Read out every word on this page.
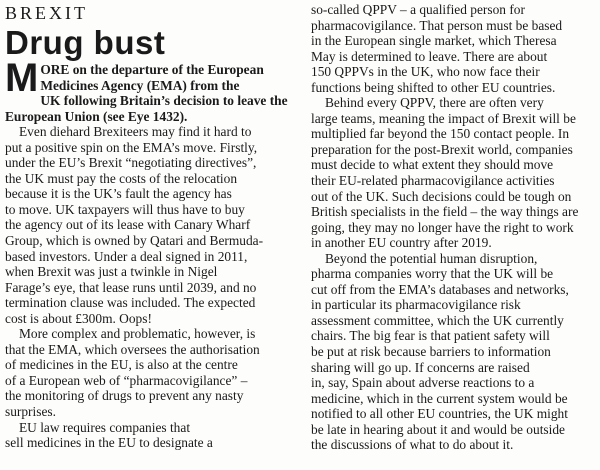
BREXIT
Drug bust
M ORE on the departure of the European
Medicines Agency (EMA) from the
UK following Britain’s decision to leave the
European Union (see Eye 1432).
Even diehard Brexiteers may find it hard to
put a positive spin on the EMA’s move. Firstly,
under the EU’s Brexit “negotiating directives”,
the UK must pay the costs of the relocation
because it is the UK’s fault the agency has
to move. UK taxpayers will thus have to buy
the agency out of its lease with Canary Wharf
Group, which is owned by Qatari and Bermuda-
based investors. Under a deal signed in 2011,
when Brexit was just a twinkle in Nigel
Farage’s eye, that lease runs until 2039, and no
termination clause was included. The expected
cost is about £300m. Oops!
More complex and problematic, however, is
that the EMA, which oversees the authorisation
of medicines in the EU, is also at the centre
of a European web of “pharmacovigilance” –
the monitoring of drugs to prevent any nasty
surprises.
EU law requires companies that
sell medicines in the EU to designate a
so-called QPPV – a qualified person for
pharmacovigilance. That person must be based
in the European single market, which Theresa
May is determined to leave. There are about
150 QPPVs in the UK, who now face their
functions being shifted to other EU countries.
Behind every QPPV, there are often very
large teams, meaning the impact of Brexit will be
multiplied far beyond the 150 contact people. In
preparation for the post-Brexit world, companies
must decide to what extent they should move
their EU-related pharmacovigilance activities
out of the UK. Such decisions could be tough on
British specialists in the field – the way things are
going, they may no longer have the right to work
in another EU country after 2019.
Beyond the potential human disruption,
pharma companies worry that the UK will be
cut off from the EMA’s databases and networks,
in particular its pharmacovigilance risk
assessment committee, which the UK currently
chairs. The big fear is that patient safety will
be put at risk because barriers to information
sharing will go up. If concerns are raised
in, say, Spain about adverse reactions to a
medicine, which in the current system would be
notified to all other EU countries, the UK might
be late in hearing about it and would be outside
the discussions of what to do about it.
